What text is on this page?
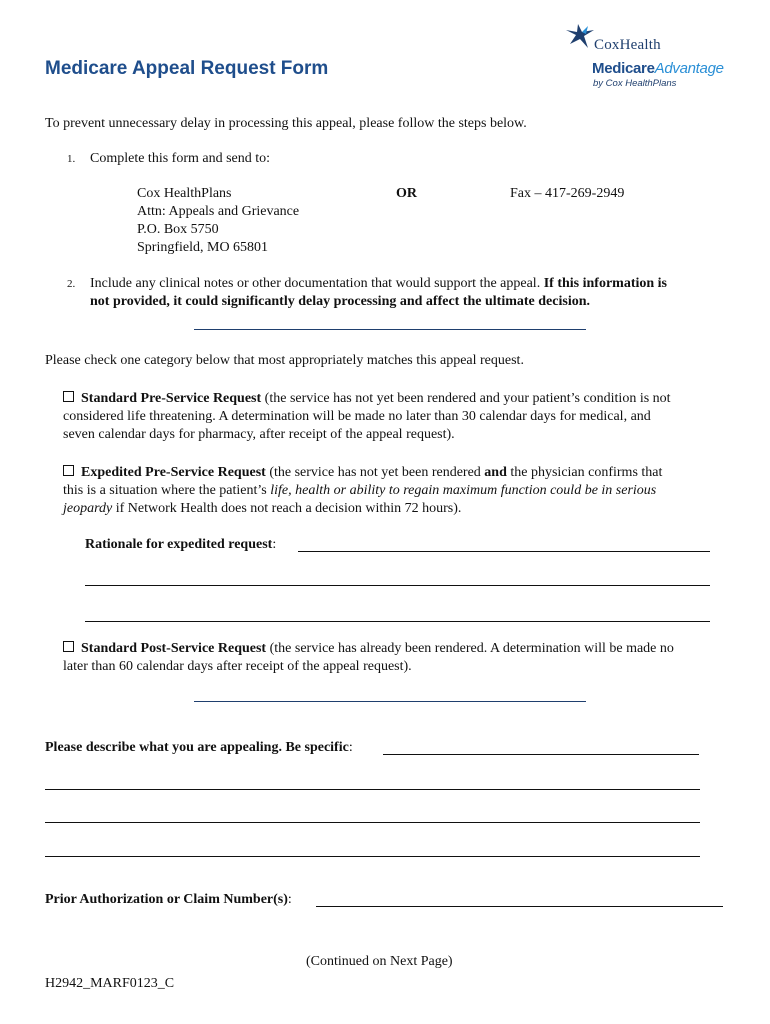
Medicare Appeal Request Form
CoxHealth
MedicareAdvantage
by Cox HealthPlans
To prevent unnecessary delay in processing this appeal, please follow the steps below.
1. Complete this form and send to:
Cox HealthPlans
Attn: Appeals and Grievance
P.O. Box 5750
Springfield, MO 65801
OR	Fax – 417-269-2949
2. Include any clinical notes or other documentation that would support the appeal. If this information is
not provided, it could significantly delay processing and affect the ultimate decision.
Please check one category below that most appropriately matches this appeal request.
Standard Pre-Service Request (the service has not yet been rendered and your patient’s condition is not
considered life threatening. A determination will be made no later than 30 calendar days for medical, and
seven calendar days for pharmacy, after receipt of the appeal request).
Expedited Pre-Service Request (the service has not yet been rendered and the physician confirms that
this is a situation where the patient’s life, health or ability to regain maximum function could be in serious
jeopardy if Network Health does not reach a decision within 72 hours).
Rationale for expedited request:
Standard Post-Service Request (the service has already been rendered. A determination will be made no
later than 60 calendar days after receipt of the appeal request).
Please describe what you are appealing. Be specific:
Prior Authorization or Claim Number(s):
(Continued on Next Page)
H2942_MARF0123_C
